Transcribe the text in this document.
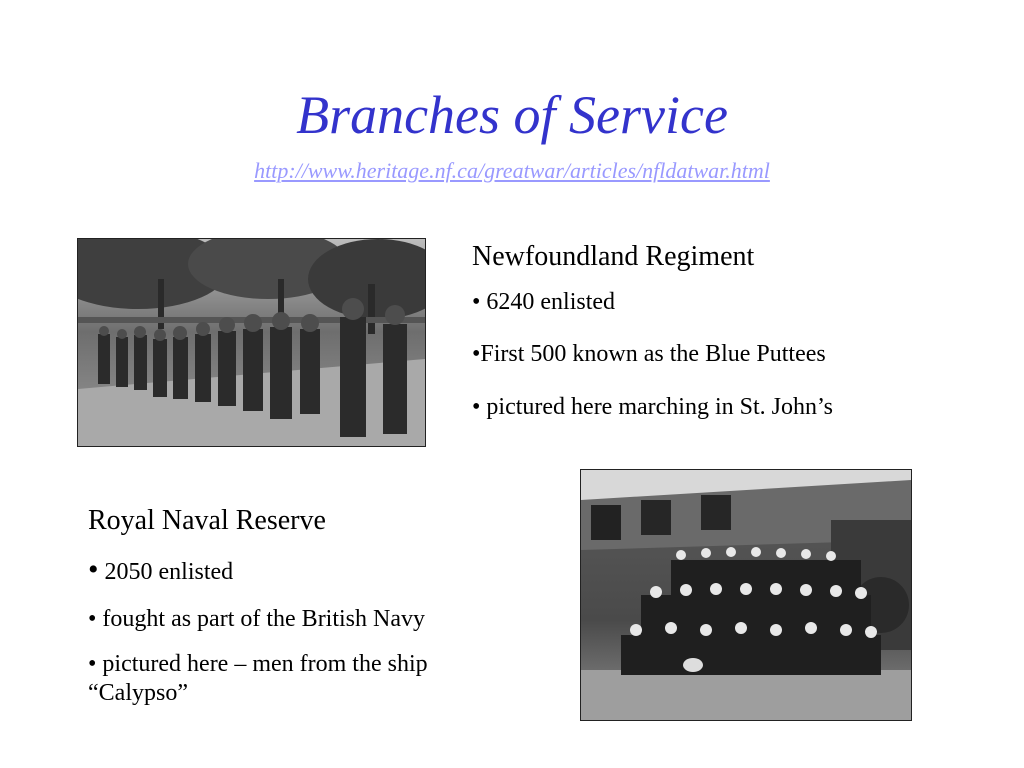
Branches of Service
http://www.heritage.nf.ca/greatwar/articles/nfldatwar.html
Newfoundland Regiment
• 6240 enlisted
•First 500 known as the Blue Puttees
• pictured here marching in St. John’s
Royal Naval Reserve
• 2050 enlisted
• fought as part of the British Navy
• pictured here – men from the ship “Calypso”
